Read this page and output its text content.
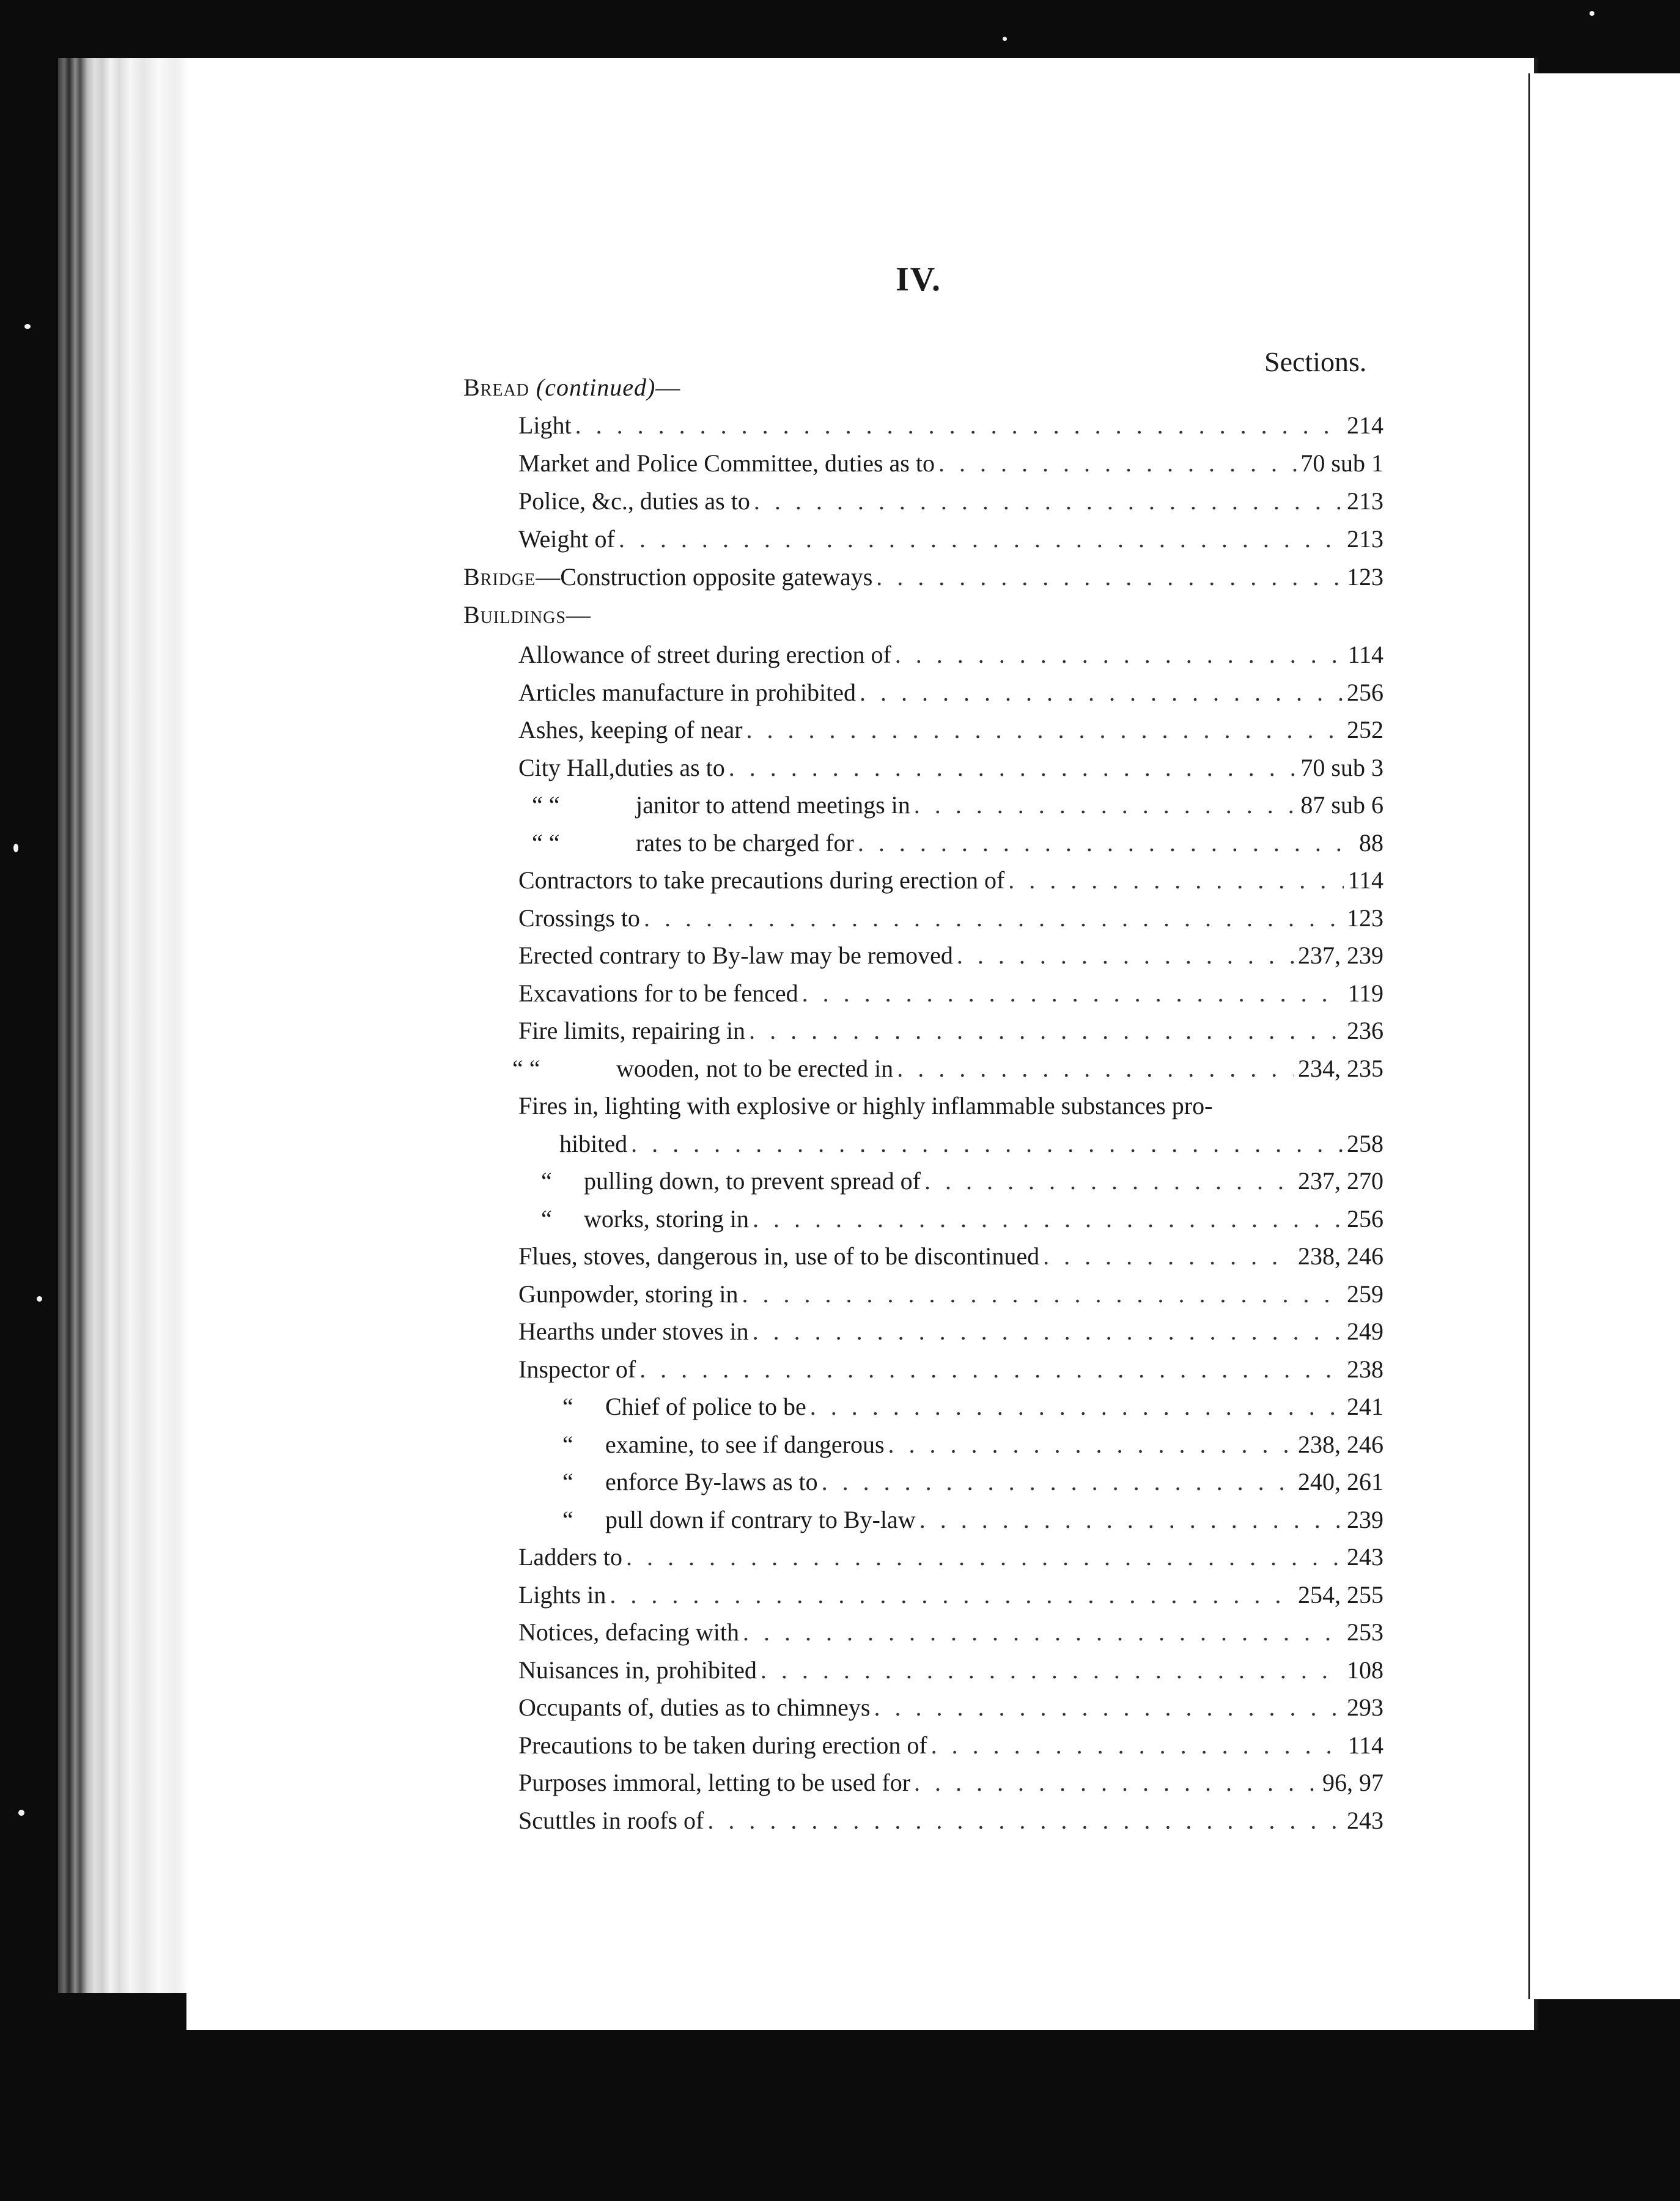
IV.
Sections.
Bread (continued)—
Light . . .	214
Market and Police Committee, duties as to . . .	70 sub 1
Police, &c., duties as to . . .	213
Weight of . . .	213
Bridge—Construction opposite gateways . . .	123
Buildings—
Allowance of street during erection of . . .	114
Articles manufacture in prohibited . . .	256
Ashes, keeping of near . . .	252
City Hall,duties as to . . .	70 sub 3
“ “	janitor to attend meetings in . . .	87 sub 6
“ “	rates to be charged for . . .	88
Contractors to take precautions during erection of . . .	114
Crossings to . . .	123
Erected contrary to By-law may be removed . . .	237, 239
Excavations for to be fenced . . .	119
Fire limits, repairing in . . .	236
“ “	wooden, not to be erected in . . .	234, 235
Fires in, lighting with explosive or highly inflammable substances pro-
hibited . . .	258
“ pulling down, to prevent spread of . . .	237, 270
“ works, storing in . . .	256
Flues, stoves, dangerous in, use of to be discontinued . . .	238, 246
Gunpowder, storing in . . .	259
Hearths under stoves in . . .	249
Inspector of . . .	238
“ Chief of police to be . . .	241
“ examine, to see if dangerous . . .	238, 246
“ enforce By-laws as to . . .	240, 261
“ pull down if contrary to By-law . . .	239
Ladders to . . .	243
Lights in . . .	254, 255
Notices, defacing with . . .	253
Nuisances in, prohibited . . .	108
Occupants of, duties as to chimneys . . .	293
Precautions to be taken during erection of . . .	114
Purposes immoral, letting to be used for . . .	96, 97
Scuttles in roofs of . . .	243
